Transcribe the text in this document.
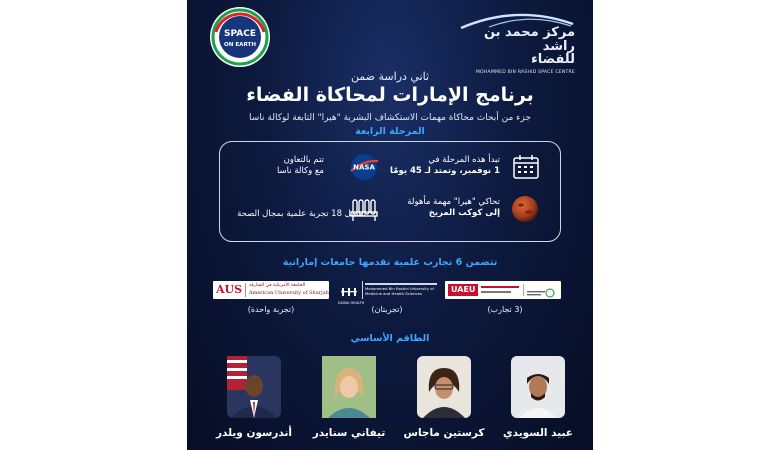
مركز محمد بن راشد
للفضاء
MOHAMMED BIN RASHID SPACE CENTRE
SPACE
ON EARTH
ثاني دراسة ضمن
برنامج الإمارات لمحاكاة الفضاء
جزء من أبحاث محاكاة مهمات الاستكشاف البشرية "هيرا" التابعة لوكالة ناسا
المرحلة الرابعة
تبدأ هذه المرحلة في
1 نوفمبر، وتمتد لـ 45 يومًا
NASA
تتم بالتعاون
مع وكالة ناسا
تحاكي "هيرا" مهمة مأهولة
إلى كوكب المريخ
تشمل 18 تجربة علمية بمجال الصحة
تتضمن 6 تجارب علمية تقدمها جامعات إماراتية
UAEU
(3 تجارب)
DUBAI HEALTH
Mohammed Bin Rashid University of Medicine and Health Sciences
(تجربتان)
AUS الجامعة الأمريكية في الشارقة
American University of Sharjah
(تجربة واحدة)
الطاقم الأساسي
عبيد السويدي
كرستين ماجاس
تيفاني سنايدر
أندرسون ويلدر
